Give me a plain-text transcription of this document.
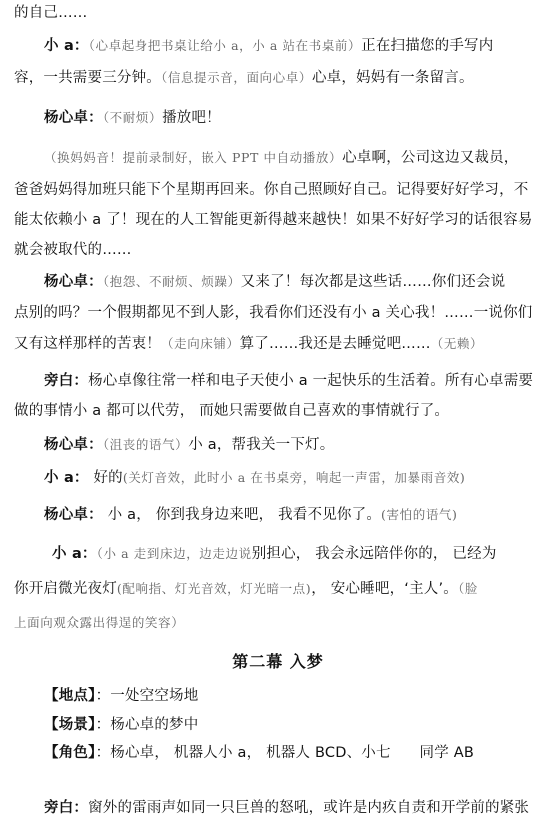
的自己……
小 a：（心卓起身把书桌让给小 a，小 a 站在书桌前）正在扫描您的手写内
容，一共需要三分钟。（信息提示音，面向心卓）心卓，妈妈有一条留言。
杨心卓：（不耐烦）播放吧！
（换妈妈音！提前录制好，嵌入 PPT 中自动播放）心卓啊，公司这边又裁员，
爸爸妈妈得加班只能下个星期再回来。你自己照顾好自己。记得要好好学习，不
能太依赖小 a 了！现在的人工智能更新得越来越快！如果不好好学习的话很容易
就会被取代的……
杨心卓：（抱怨、不耐烦、烦躁）又来了！每次都是这些话……你们还会说
点别的吗？一个假期都见不到人影，我看你们还没有小 a 关心我！……一说你们
又有这样那样的苦衷！（走向床铺）算了……我还是去睡觉吧……（无赖）
旁白：杨心卓像往常一样和电子天使小 a 一起快乐的生活着。所有心卓需要
做的事情小 a 都可以代劳， 而她只需要做自己喜欢的事情就行了。
杨心卓：（沮丧的语气）小 a，帮我关一下灯。
小 a： 好的(关灯音效，此时小 a 在书桌旁，响起一声雷，加暴雨音效)
杨心卓： 小 a， 你到我身边来吧， 我看不见你了。(害怕的语气)
小 a：（小 a 走到床边，边走边说别担心， 我会永远陪伴你的， 已经为
你开启微光夜灯(配响指、灯光音效，灯光暗一点)， 安心睡吧，‘主人’。（脸
上面向观众露出得逞的笑容）
第二幕 入梦
【地点】：一处空空场地
【场景】：杨心卓的梦中
【角色】：杨心卓， 机器人小 a， 机器人 BCD、小七      同学 AB
旁白：窗外的雷雨声如同一只巨兽的怒吼，或许是内疚自责和开学前的紧张
